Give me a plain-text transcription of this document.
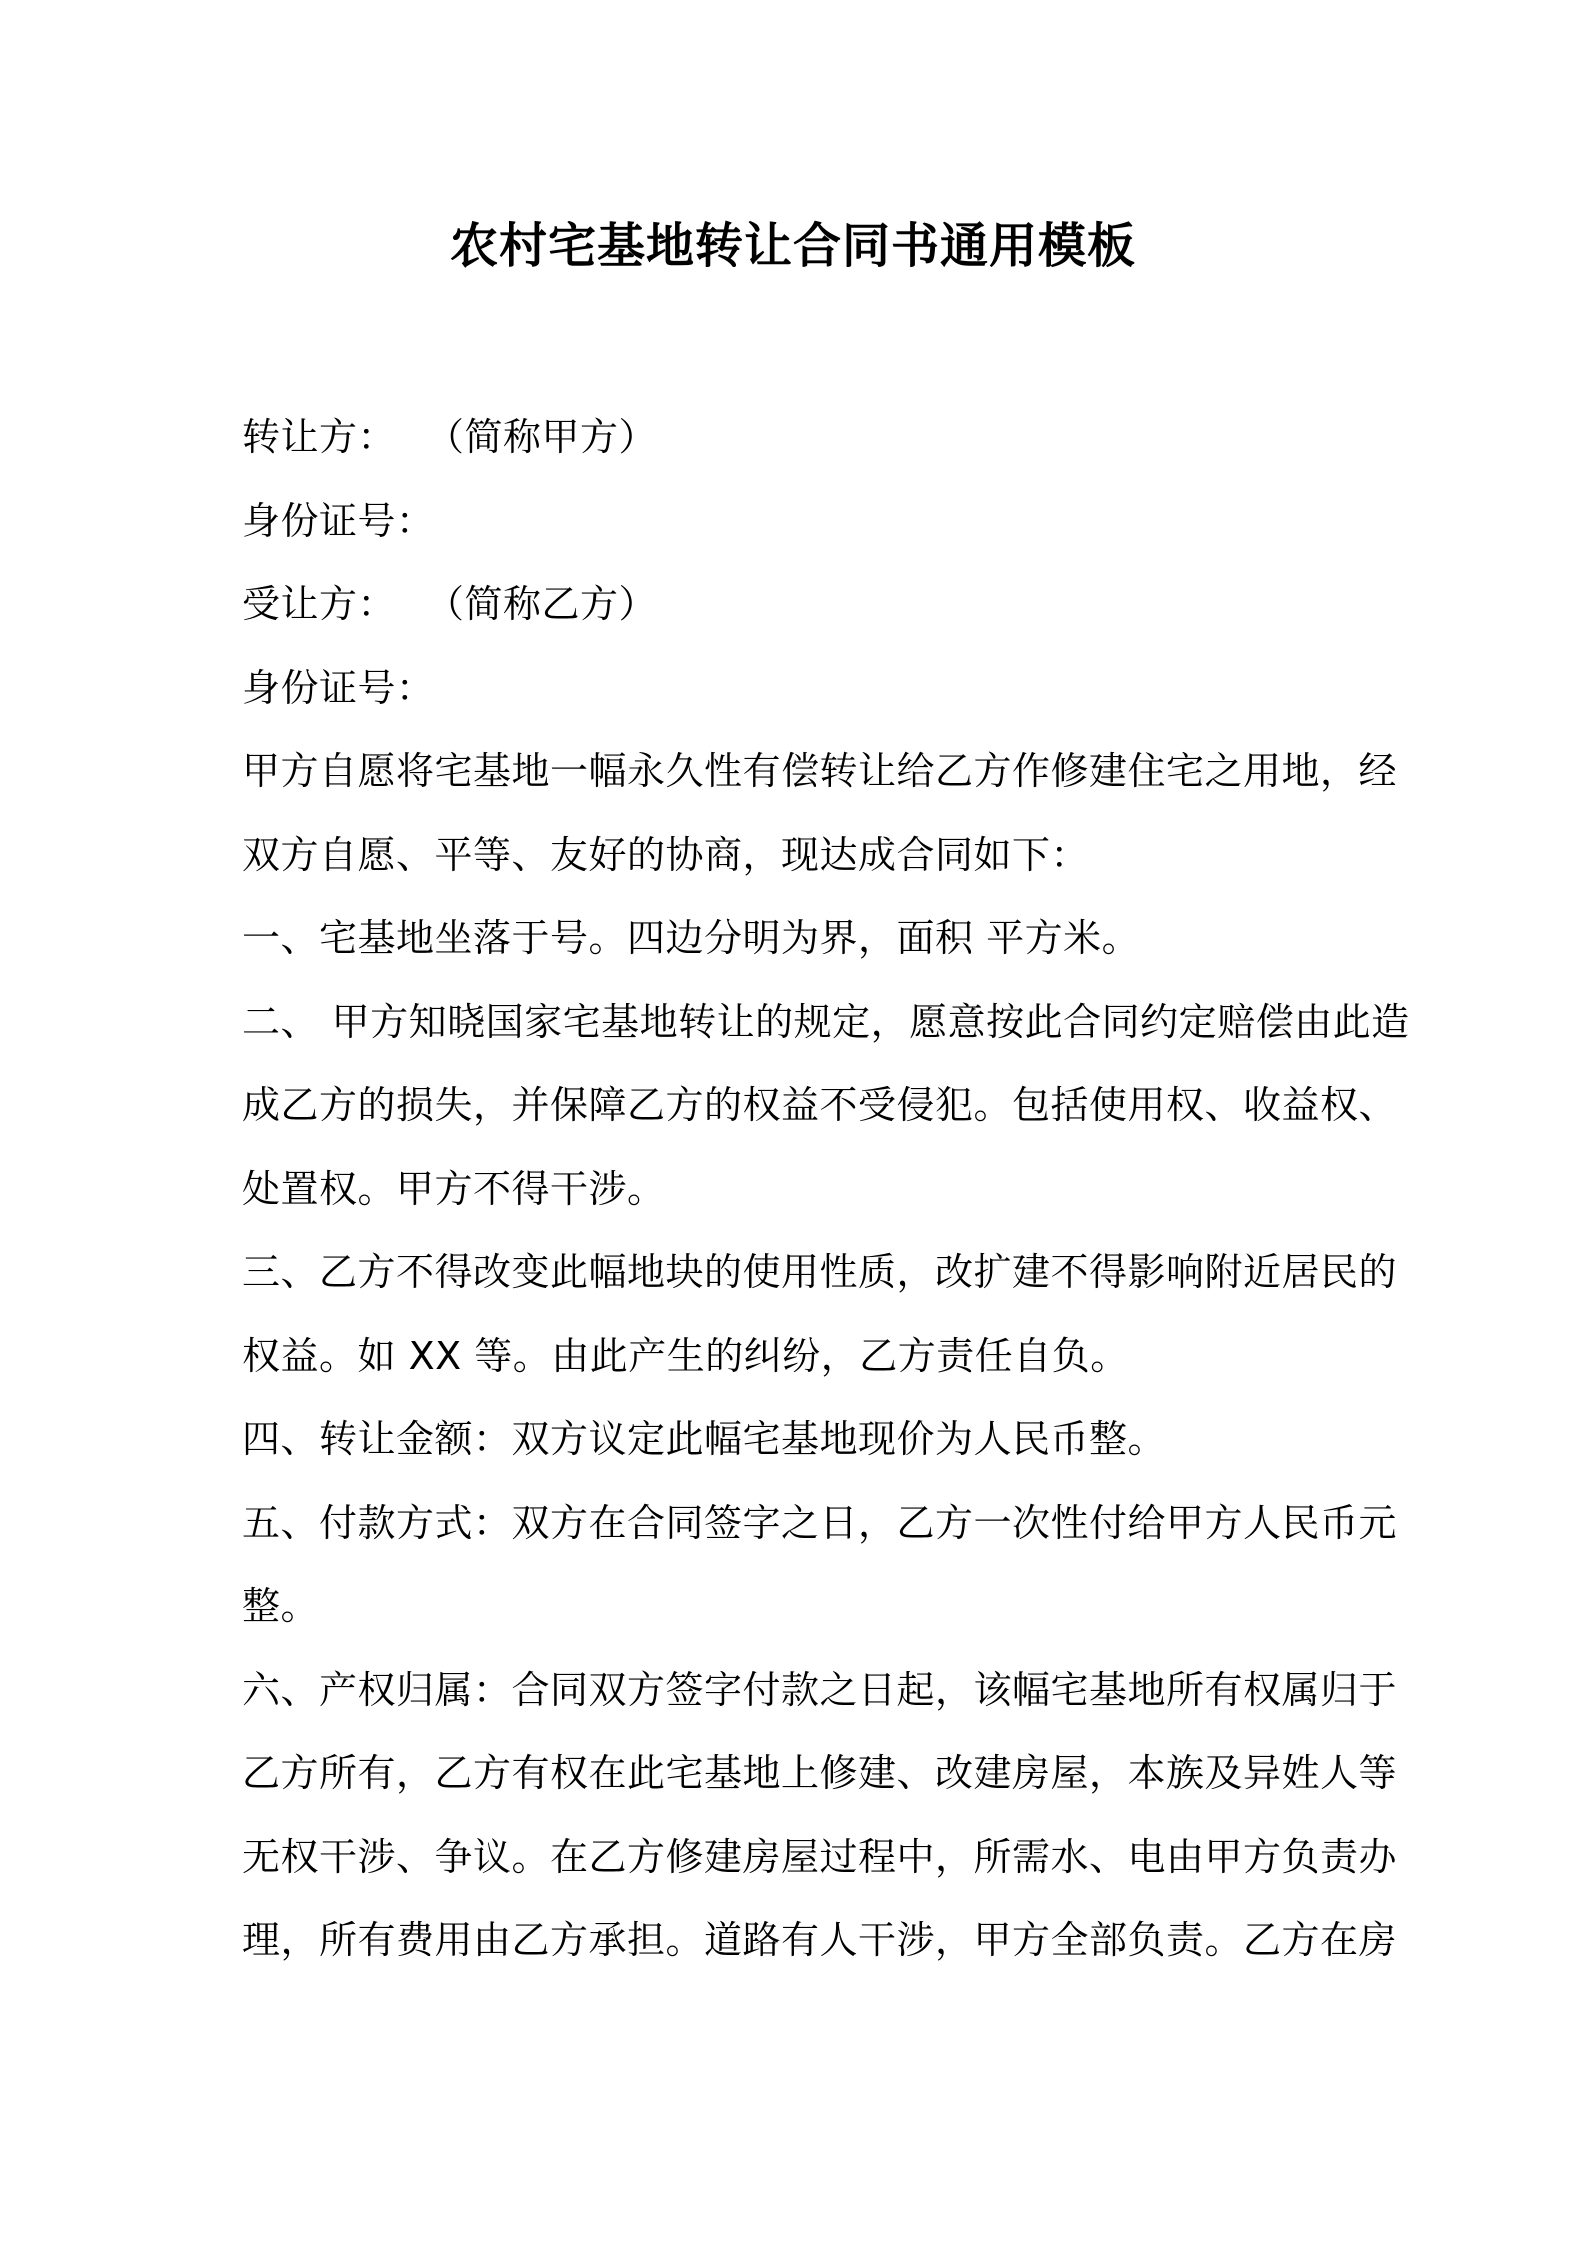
农村宅基地转让合同书通用模板
转让方： （简称甲方）
身份证号：
受让方： （简称乙方）
身份证号：
甲方自愿将宅基地一幅永久性有偿转让给乙方作修建住宅之用地，经
双方自愿、平等、友好的协商，现达成合同如下：
一、宅基地坐落于号。四边分明为界，面积 平方米。
二、 甲方知晓国家宅基地转让的规定，愿意按此合同约定赔偿由此造
成乙方的损失，并保障乙方的权益不受侵犯。包括使用权、收益权、
处置权。甲方不得干涉。
三、乙方不得改变此幅地块的使用性质，改扩建不得影响附近居民的
权益。如 XX 等。由此产生的纠纷，乙方责任自负。
四、转让金额：双方议定此幅宅基地现价为人民币整。
五、付款方式：双方在合同签字之日，乙方一次性付给甲方人民币元
整。
六、产权归属：合同双方签字付款之日起，该幅宅基地所有权属归于
乙方所有，乙方有权在此宅基地上修建、改建房屋，本族及异姓人等
无权干涉、争议。在乙方修建房屋过程中，所需水、电由甲方负责办
理，所有费用由乙方承担。道路有人干涉，甲方全部负责。乙方在房
